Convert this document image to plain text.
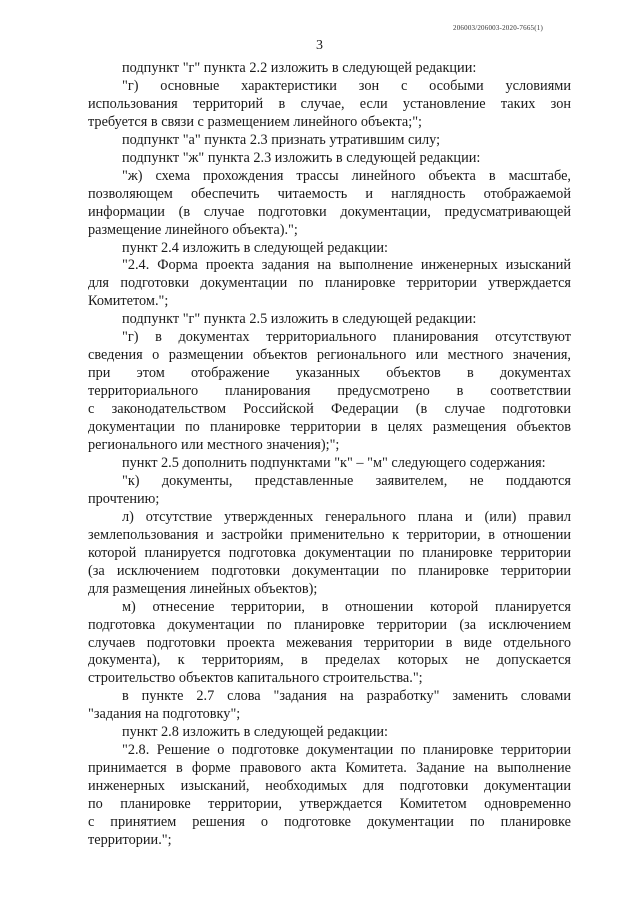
206003/206003-2020-7665(1)
3
подпункт "г" пункта 2.2 изложить в следующей редакции:
"г) основные характеристики зон с особыми условиями
использования территорий в случае, если установление таких зон
требуется в связи с размещением линейного объекта;";
подпункт "а" пункта 2.3 признать утратившим силу;
подпункт "ж" пункта 2.3 изложить в следующей редакции:
"ж) схема прохождения трассы линейного объекта в масштабе,
позволяющем обеспечить читаемость и наглядность отображаемой
информации (в случае подготовки документации, предусматривающей
размещение линейного объекта).";
пункт 2.4 изложить в следующей редакции:
"2.4. Форма проекта задания на выполнение инженерных изысканий
для подготовки документации по планировке территории утверждается
Комитетом.";
подпункт "г" пункта 2.5 изложить в следующей редакции:
"г) в документах территориального планирования отсутствуют
сведения о размещении объектов регионального или местного значения,
при этом отображение указанных объектов в документах
территориального планирования предусмотрено в соответствии
с законодательством Российской Федерации (в случае подготовки
документации по планировке территории в целях размещения объектов
регионального или местного значения);";
пункт 2.5 дополнить подпунктами "к" – "м" следующего содержания:
"к) документы, представленные заявителем, не поддаются
прочтению;
л) отсутствие утвержденных генерального плана и (или) правил
землепользования и застройки применительно к территории, в отношении
которой планируется подготовка документации по планировке территории
(за исключением подготовки документации по планировке территории
для размещения линейных объектов);
м) отнесение территории, в отношении которой планируется
подготовка документации по планировке территории (за исключением
случаев подготовки проекта межевания территории в виде отдельного
документа), к территориям, в пределах которых не допускается
строительство объектов капитального строительства.";
в пункте 2.7 слова "задания на разработку" заменить словами
"задания на подготовку";
пункт 2.8 изложить в следующей редакции:
"2.8. Решение о подготовке документации по планировке территории
принимается в форме правового акта Комитета. Задание на выполнение
инженерных изысканий, необходимых для подготовки документации
по планировке территории, утверждается Комитетом одновременно
с принятием решения о подготовке документации по планировке
территории.";
